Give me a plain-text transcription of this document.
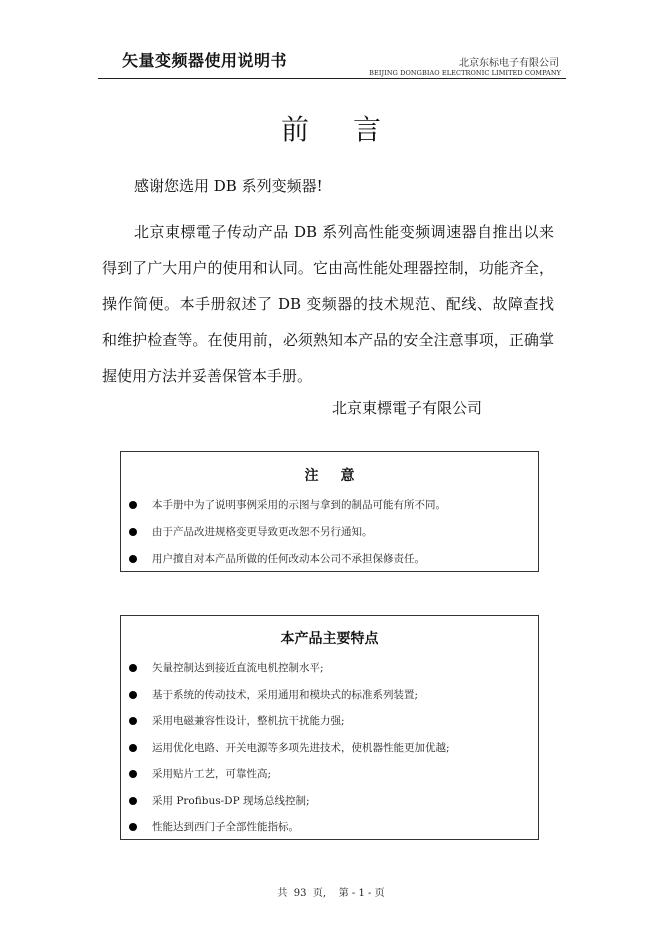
矢量变频器使用说明书	北京东标电子有限公司
BEIJING DONGBIAO ELECTRONIC LIMITED COMPANY
前言
感谢您选用 DB 系列变频器!
北京東標電子传动产品 DB 系列高性能变频调速器自推出以来得到了广大用户的使用和认同。它由高性能处理器控制，功能齐全，操作简便。本手册叙述了 DB 变频器的技术规范、配线、故障查找和维护检查等。在使用前，必须熟知本产品的安全注意事项，正确掌握使用方法并妥善保管本手册。
北京東標電子有限公司
注意
本手册中为了说明事例采用的示图与拿到的制品可能有所不同。
由于产品改进规格变更导致更改恕不另行通知。
用户擅自对本产品所做的任何改动本公司不承担保修责任。
本产品主要特点
矢量控制达到接近直流电机控制水平;
基于系统的传动技术，采用通用和模块式的标准系列装置;
采用电磁兼容性设计，整机抗干扰能力强;
运用优化电路、开关电源等多项先进技术，使机器性能更加优越;
采用贴片工艺，可靠性高;
采用 Profibus-DP 现场总线控制;
性能达到西门子全部性能指标。
共  93  页,    第 - 1 - 页
